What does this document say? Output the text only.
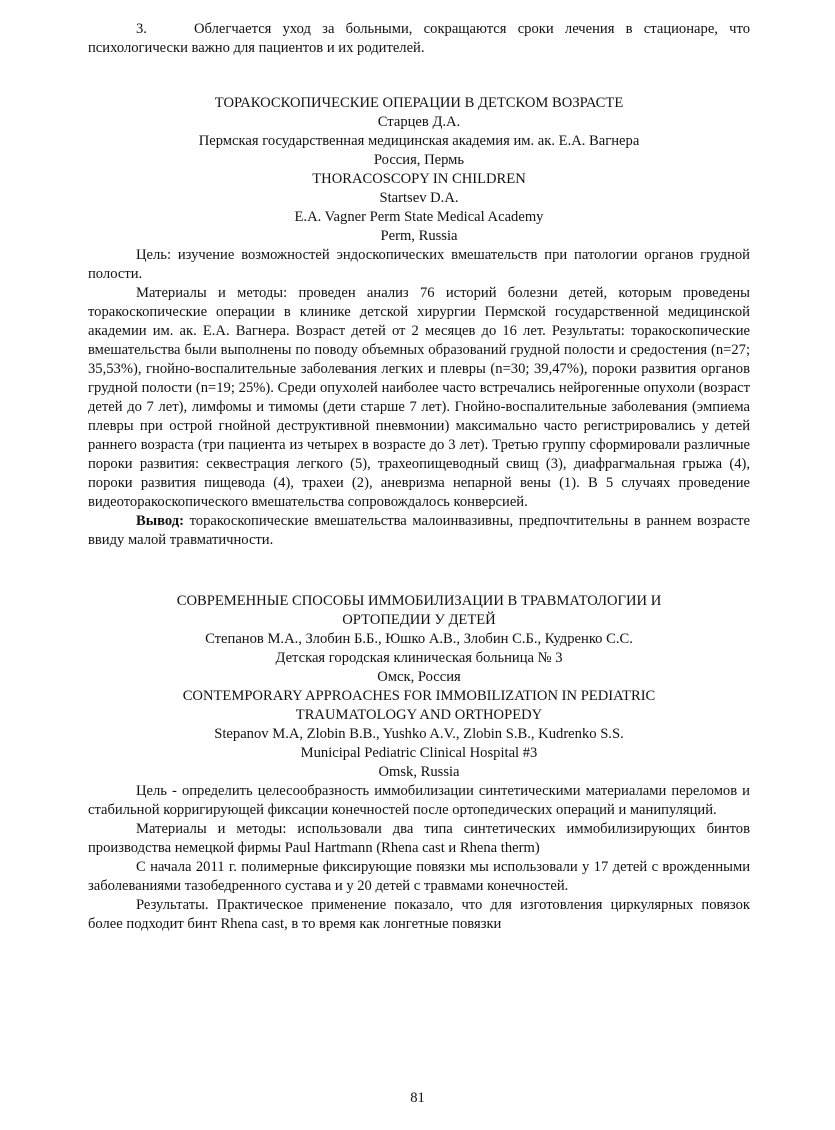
3.	Облегчается уход за больными, сокращаются сроки лечения в стационаре, что психологически важно для пациентов и их родителей.

ТОРАКОСКОПИЧЕСКИЕ ОПЕРАЦИИ В ДЕТСКОМ ВОЗРАСТЕ
Старцев Д.А.
Пермская государственная медицинская академия им. ак. Е.А. Вагнера
Россия, Пермь
THORACOSCOPY IN CHILDREN
Startsev D.A.
E.A. Vagner Perm State Medical Academy
Perm, Russia

Цель: изучение возможностей эндоскопических вмешательств при патологии органов грудной полости.

Материалы и методы: проведен анализ 76 историй болезни детей, которым проведены торакоскопические операции в клинике детской хирургии Пермской государственной медицинской академии им. ак. Е.А. Вагнера. Возраст детей от 2 месяцев до 16 лет. Результаты: торакоскопические вмешательства были выполнены по поводу объемных образований грудной полости и средостения (n=27; 35,53%), гнойно-воспалительные заболевания легких и плевры (n=30; 39,47%), пороки развития органов грудной полости (n=19; 25%). Среди опухолей наиболее часто встречались нейрогенные опухоли (возраст детей до 7 лет), лимфомы и тимомы (дети старше 7 лет). Гнойно-воспалительные заболевания (эмпиема плевры при острой гнойной деструктивной пневмонии) максимально часто регистрировались у детей раннего возраста (три пациента из четырех в возрасте до 3 лет). Третью группу сформировали различные пороки развития: секвестрация легкого (5), трахеопищеводный свищ (3), диафрагмальная грыжа (4), пороки развития пищевода (4), трахеи (2), аневризма непарной вены (1). В 5 случаях проведение видеоторакоскопического вмешательства сопровождалось конверсией.

Вывод: торакоскопические вмешательства малоинвазивны, предпочтительны в раннем возрасте ввиду малой травматичности.

СОВРЕМЕННЫЕ СПОСОБЫ ИММОБИЛИЗАЦИИ В ТРАВМАТОЛОГИИ И
ОРТОПЕДИИ У ДЕТЕЙ
Степанов М.А., Злобин Б.Б., Юшко А.В., Злобин С.Б., Кудренко С.С.
Детская городская клиническая больница № 3
Омск, Россия
CONTEMPORARY APPROACHES FOR IMMOBILIZATION IN PEDIATRIC
TRAUMATOLOGY AND ORTHOPEDY
Stepanov M.A, Zlobin B.B., Yushko A.V., Zlobin S.B., Kudrenko S.S.
Municipal Pediatric Clinical Hospital #3
Omsk, Russia

Цель - определить целесообразность иммобилизации синтетическими материалами переломов и стабильной корригирующей фиксации конечностей после ортопедических операций и манипуляций.

Материалы и методы: использовали два типа синтетических иммобилизирующих бинтов производства немецкой фирмы Paul Hartmann (Rhena cast и Rhena therm)

С начала 2011 г. полимерные фиксирующие повязки мы использовали у 17 детей с врожденными заболеваниями тазобедренного сустава и у 20 детей с травмами конечностей.

Результаты. Практическое применение показало, что для изготовления циркулярных повязок более подходит бинт Rhena cast, в то время как лонгетные повязки

81
